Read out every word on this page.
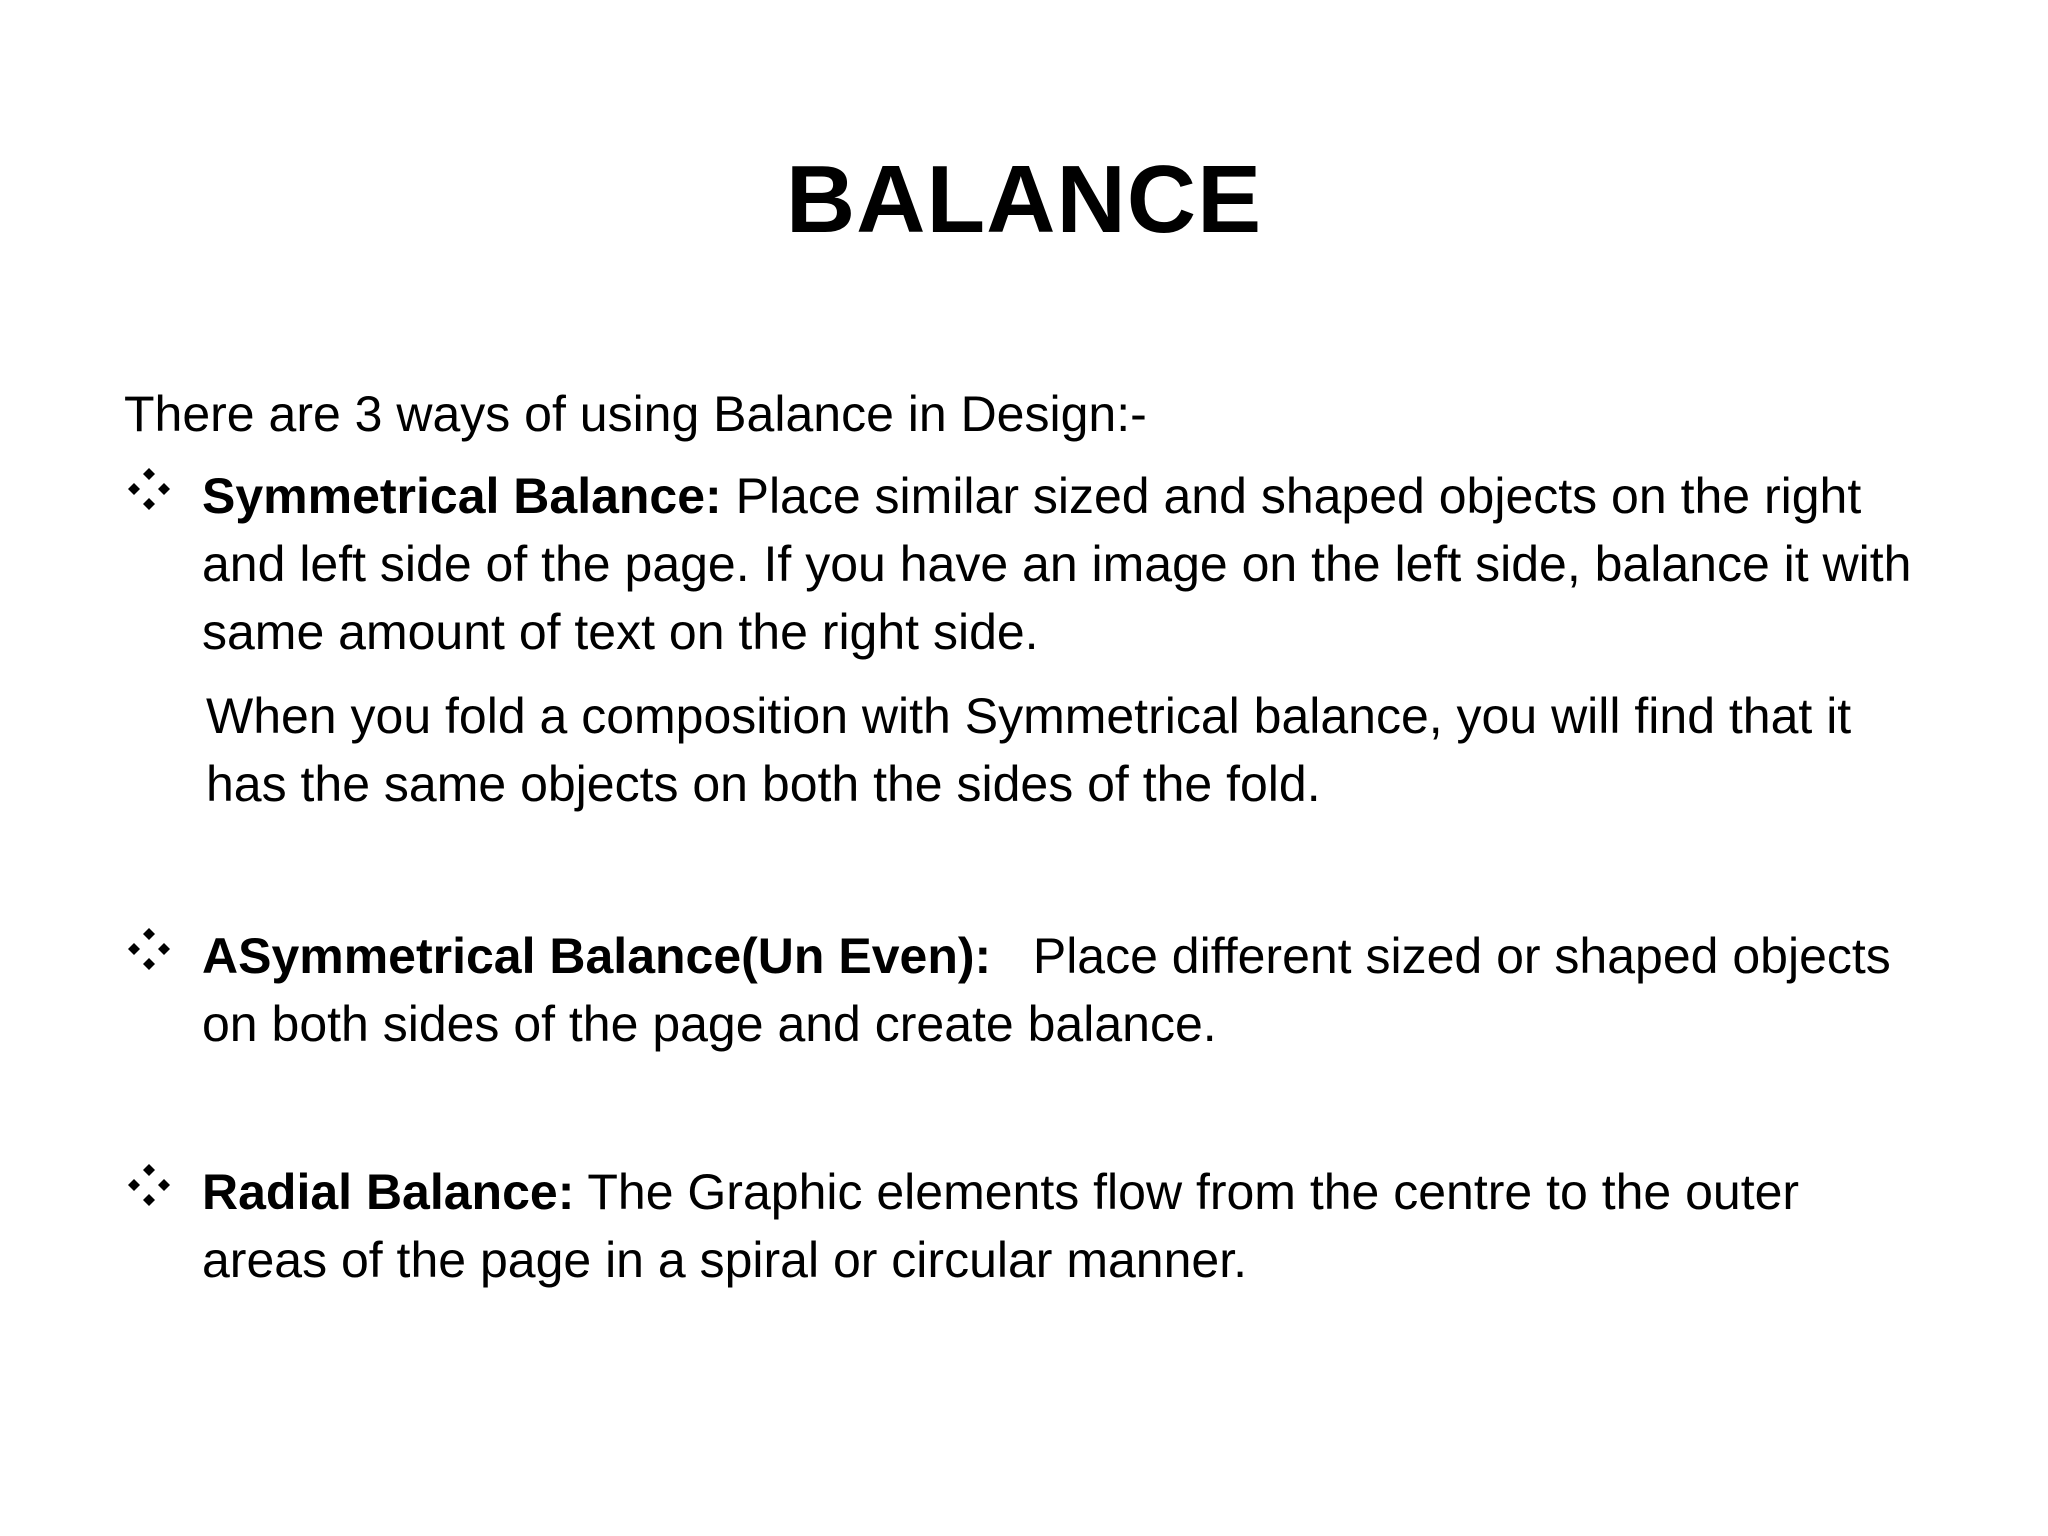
BALANCE
There are 3 ways of using Balance in Design:-
Symmetrical Balance: Place similar sized and shaped objects on the right and left side of the page. If you have an image on the left side, balance it with same amount of text on the right side.
When you fold a composition with Symmetrical balance, you will find that it has the same objects on both the sides of the fold.
ASymmetrical Balance(Un Even):   Place different sized or shaped objects on both sides of the page and create balance.
Radial Balance: The Graphic elements flow from the centre to the outer areas of the page in a spiral or circular manner.
